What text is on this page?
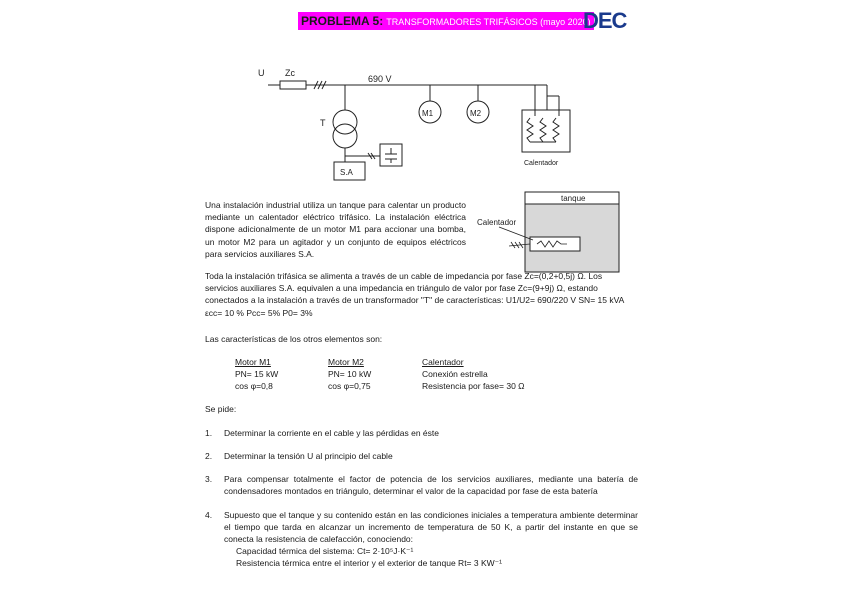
PROBLEMA 5: TRANSFORMADORES TRIFÁSICOS (mayo 2020)
DEC
U Zc
690 V
T
M1	M2
S.A
Calentador
tanque
Calentador
Una instalación industrial utiliza un tanque para calentar un producto mediante un calentador eléctrico trifásico. La instalación eléctrica dispone adicionalmente de un motor M1 para accionar una bomba, un motor M2 para un agitador y un conjunto de equipos eléctricos para servicios auxiliares S.A.
Toda la instalación trifásica se alimenta a través de un cable de impedancia por fase Zc=(0,2+0,5j) Ω. Los servicios auxiliares S.A. equivalen a una impedancia en triángulo de valor por fase Zc=(9+9j) Ω, estando conectados a la instalación a través de un transformador "T" de características: U1/U2= 690/220 V SN= 15 kVA εcc= 10 % Pcc= 5% P0= 3%
Las características de los otros elementos son:
Motor M1
PN= 15 kW
cos φ=0,8
Motor M2
PN= 10 kW
cos φ=0,75
Calentador
Conexión estrella
Resistencia por fase= 30 Ω
Se pide:
1. Determinar la corriente en el cable y las pérdidas en éste
2. Determinar la tensión U al principio del cable
3. Para compensar totalmente el factor de potencia de los servicios auxiliares, mediante una batería de condensadores montados en triángulo, determinar el valor de la capacidad por fase de esta batería
4. Supuesto que el tanque y su contenido están en las condiciones iniciales a temperatura ambiente determinar el tiempo que tarda en alcanzar un incremento de temperatura de 50 K, a partir del instante en que se conecta la resistencia de calefacción, conociendo:
Capacidad térmica del sistema: Ct= 2·10⁵J·K⁻¹
Resistencia térmica entre el interior y el exterior de tanque Rt= 3 KW⁻¹
